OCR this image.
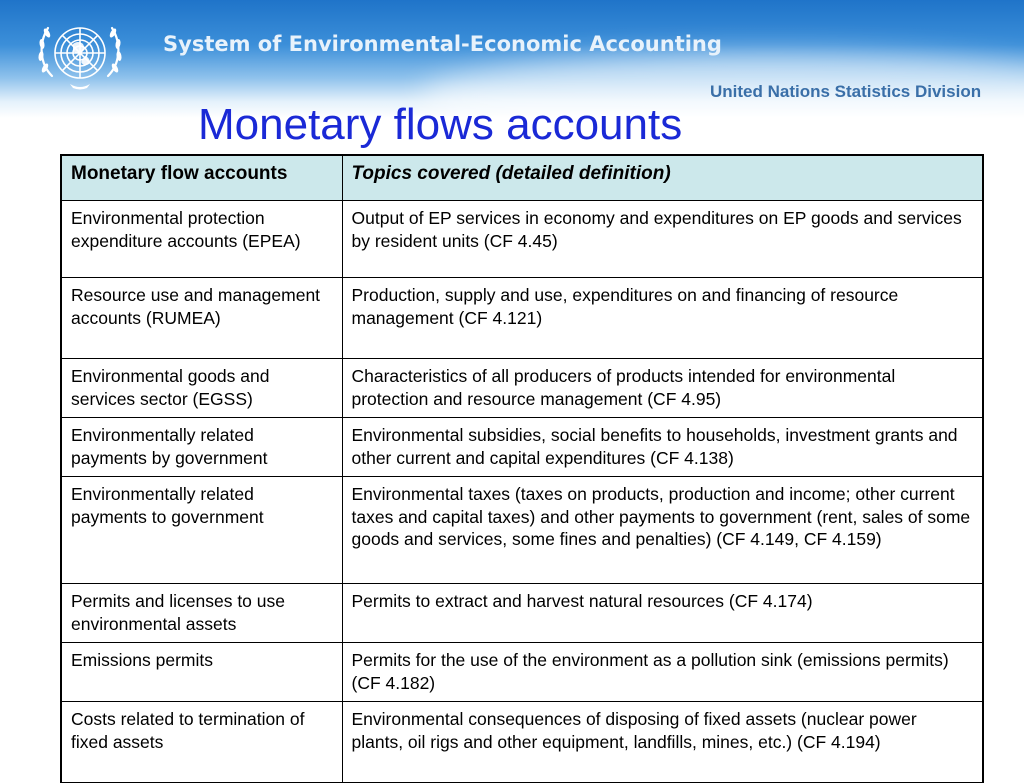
System of Environmental-Economic Accounting
United Nations Statistics Division
Monetary flows accounts
Monetary flow accounts	Topics covered (detailed definition)
Environmental protection expenditure accounts (EPEA)	Output of EP services in economy and expenditures on EP goods and services by resident units (CF 4.45)
Resource use and management accounts (RUMEA)	Production, supply and use, expenditures on and financing of resource management (CF 4.121)
Environmental goods and services sector (EGSS)	Characteristics of all producers of products intended for environmental protection and resource management (CF 4.95)
Environmentally related payments by government	Environmental subsidies, social benefits to households, investment grants and other current and capital expenditures (CF 4.138)
Environmentally related payments to government	Environmental taxes (taxes on products, production and income; other current taxes and capital taxes) and other payments to government (rent, sales of some goods and services, some fines and penalties) (CF 4.149, CF 4.159)
Permits and licenses to use environmental assets	Permits to extract and harvest natural resources (CF 4.174)
Emissions permits	Permits for the use of the environment as a pollution sink (emissions permits) (CF 4.182)
Costs related to termination of fixed assets	Environmental consequences of disposing of fixed assets (nuclear power plants, oil rigs and other equipment, landfills, mines, etc.) (CF 4.194)
